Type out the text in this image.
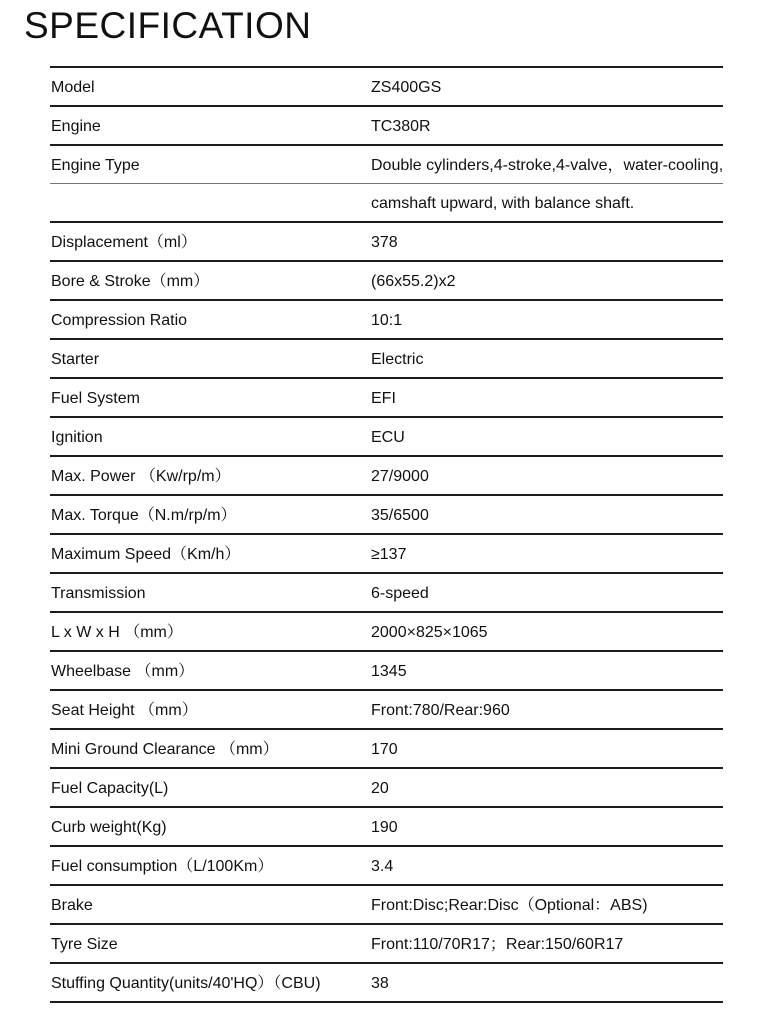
SPECIFICATION
Model	ZS400GS
Engine	TC380R
Engine Type	Double cylinders,4-stroke,4-valve，water-cooling,
camshaft upward, with balance shaft.
Displacement（ml）	378
Bore & Stroke（mm）	(66x55.2)x2
Compression Ratio	10:1
Starter	Electric
Fuel System	EFI
Ignition	ECU
Max. Power （Kw/rp/m）	27/9000
Max. Torque（N.m/rp/m）	35/6500
Maximum Speed（Km/h）	≥137
Transmission	6-speed
L x W x H （mm）	2000×825×1065
Wheelbase （mm）	1345
Seat Height （mm）	Front:780/Rear:960
Mini Ground Clearance （mm）	170
Fuel Capacity(L)	20
Curb weight(Kg)	190
Fuel consumption（L/100Km）	3.4
Brake	Front:Disc;Rear:Disc（Optional：ABS)
Tyre Size	Front:110/70R17；Rear:150/60R17
Stuffing Quantity(units/40'HQ）（CBU)	38
